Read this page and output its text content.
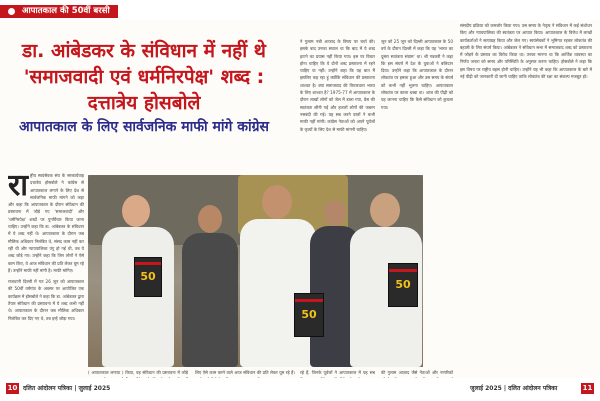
आपातकाल की 50वीं बरसी
डा. आंबेडकर के संविधान में नहीं थे 'समाजवादी एवं धर्मनिरपेक्ष' शब्द : दत्तात्रेय होसबोले
आपातकाल के लिए सार्वजनिक माफी मांगे कांग्रेस
रा ष्ट्रीय स्वयंसेवक संघ के सरकार्यवाह दत्तात्रेय होसबोले ने कांग्रेस से आपातकाल लगाने के लिए देश से सार्वजनिक माफी मांगने को कहा और कहा कि आपातकाल के दौरान संविधान की प्रस्तावना में जोड़े गए 'समाजवादी' और 'धर्मनिरपेक्ष' शब्दों पर पुनर्विचार किया जाना चाहिए। उन्होंने कहा कि डा. आंबेडकर के संविधान में ये शब्द नहीं थे। आपातकाल के दौरान जब मौलिक अधिकार निलंबित थे, संसद काम नहीं कर रही थी और न्यायपालिका पंगु हो गई थी, तब ये शब्द जोड़े गए। उन्होंने कहा कि जिन लोगों ने ऐसे काम किए, वे आज संविधान की प्रति लेकर घूम रहे हैं। उन्होंने माफी नहीं मांगी है। माफी मांगिए।
राजधानी दिल्ली में गत 26 जून को आपातकाल की 50वीं वर्षगांठ के अवसर पर आयोजित एक कार्यक्रम में होसबोले ने कहा कि डा. आंबेडकर द्वारा तैयार संविधान की प्रस्तावना में ये शब्द कभी नहीं थे। आपातकाल के दौरान जब मौलिक अधिकार निलंबित कर दिए गए थे, तब इन्हें जोड़ा गया।
ने गुलाम नबी आजाद के विषय पर चर्चा की। इसके बाद उनका सवाल था कि बाद में ये शब्द हटाने का प्रयास नहीं किया गया। इस पर विचार होना चाहिए कि ये दोनों शब्द प्रस्तावना में रहने चाहिए या नहीं। उन्होंने कहा कि यह बात मैं इसलिए कह रहा हूं क्योंकि संविधान की प्रस्तावना शाश्वत है। क्या समाजवाद की विचारधारा भारत के लिए शाश्वत है? 1975-77 में आपातकाल के दौरान लाखों लोगों को जेल में डाला गया, प्रेस की स्वतंत्रता छीनी गई और हजारों लोगों की जबरन नसबंदी की गई। यह सब करने वालों ने कभी माफी नहीं मांगी। कांग्रेस नेताओं को अपने पूर्वजों के कृत्यों के लिए देश से माफी मांगनी चाहिए।
जून को 25 जून को दिल्ली आपातकाल के 50 वर्ष के दौरान दिल्ली में कहा कि यह 'भारत का दूसरा स्वतंत्रता संग्राम' था। श्री गडकरी ने कहा कि इस संघर्ष में देश के युवाओं ने बलिदान दिया। उन्होंने कहा कि आपातकाल के दौरान लोकतंत्र पर हमला हुआ और उस समय के संघर्ष को कभी नहीं भूलना चाहिए। आपातकाल लोकतंत्र पर काला धब्बा था। आज की पीढ़ी को यह जानना चाहिए कि कैसे संविधान को कुचला गया।
संसदीय प्रक्रिया को कमजोर किया गया। उस समय के नेतृत्व ने संविधान में कई संशोधन किए और न्यायपालिका की स्वतंत्रता पर आघात किया। आपातकाल के विरोध में लाखों कार्यकर्ताओं ने सत्याग्रह किया और जेल गए। स्वयंसेवकों ने भूमिगत रहकर लोकतंत्र की बहाली के लिए संघर्ष किया। आंबेडकर ने संविधान सभा में समाजवाद शब्द को प्रस्तावना में जोड़ने के प्रस्ताव का विरोध किया था। उनका मानना था कि आर्थिक व्यवस्था का निर्णय जनता को समय और परिस्थिति के अनुसार करना चाहिए। होसबोले ने कहा कि इस विषय पर राष्ट्रीय बहस होनी चाहिए। उन्होंने यह भी कहा कि आपातकाल के बारे में नई पीढ़ी को जानकारी दी जानी चाहिए ताकि लोकतंत्र की रक्षा का संकल्प मजबूत हो।
50
50
50
( आपातकाल लगाया ) किया, वह संविधान की प्रस्तावना में जोड़े लिए ऐसे काम करने वाले आज संविधान की प्रति लेकर घूम रहे हैं। रहे हैं, जिनके पूर्वजों ने आपातकाल में यह सब की गुलाम आज़ाद जैसे नेताओं और नागरिकों
10 दलित आंदोलन पत्रिका | जुलाई 2025	जुलाई 2025 | दलित आंदोलन पत्रिका	11
